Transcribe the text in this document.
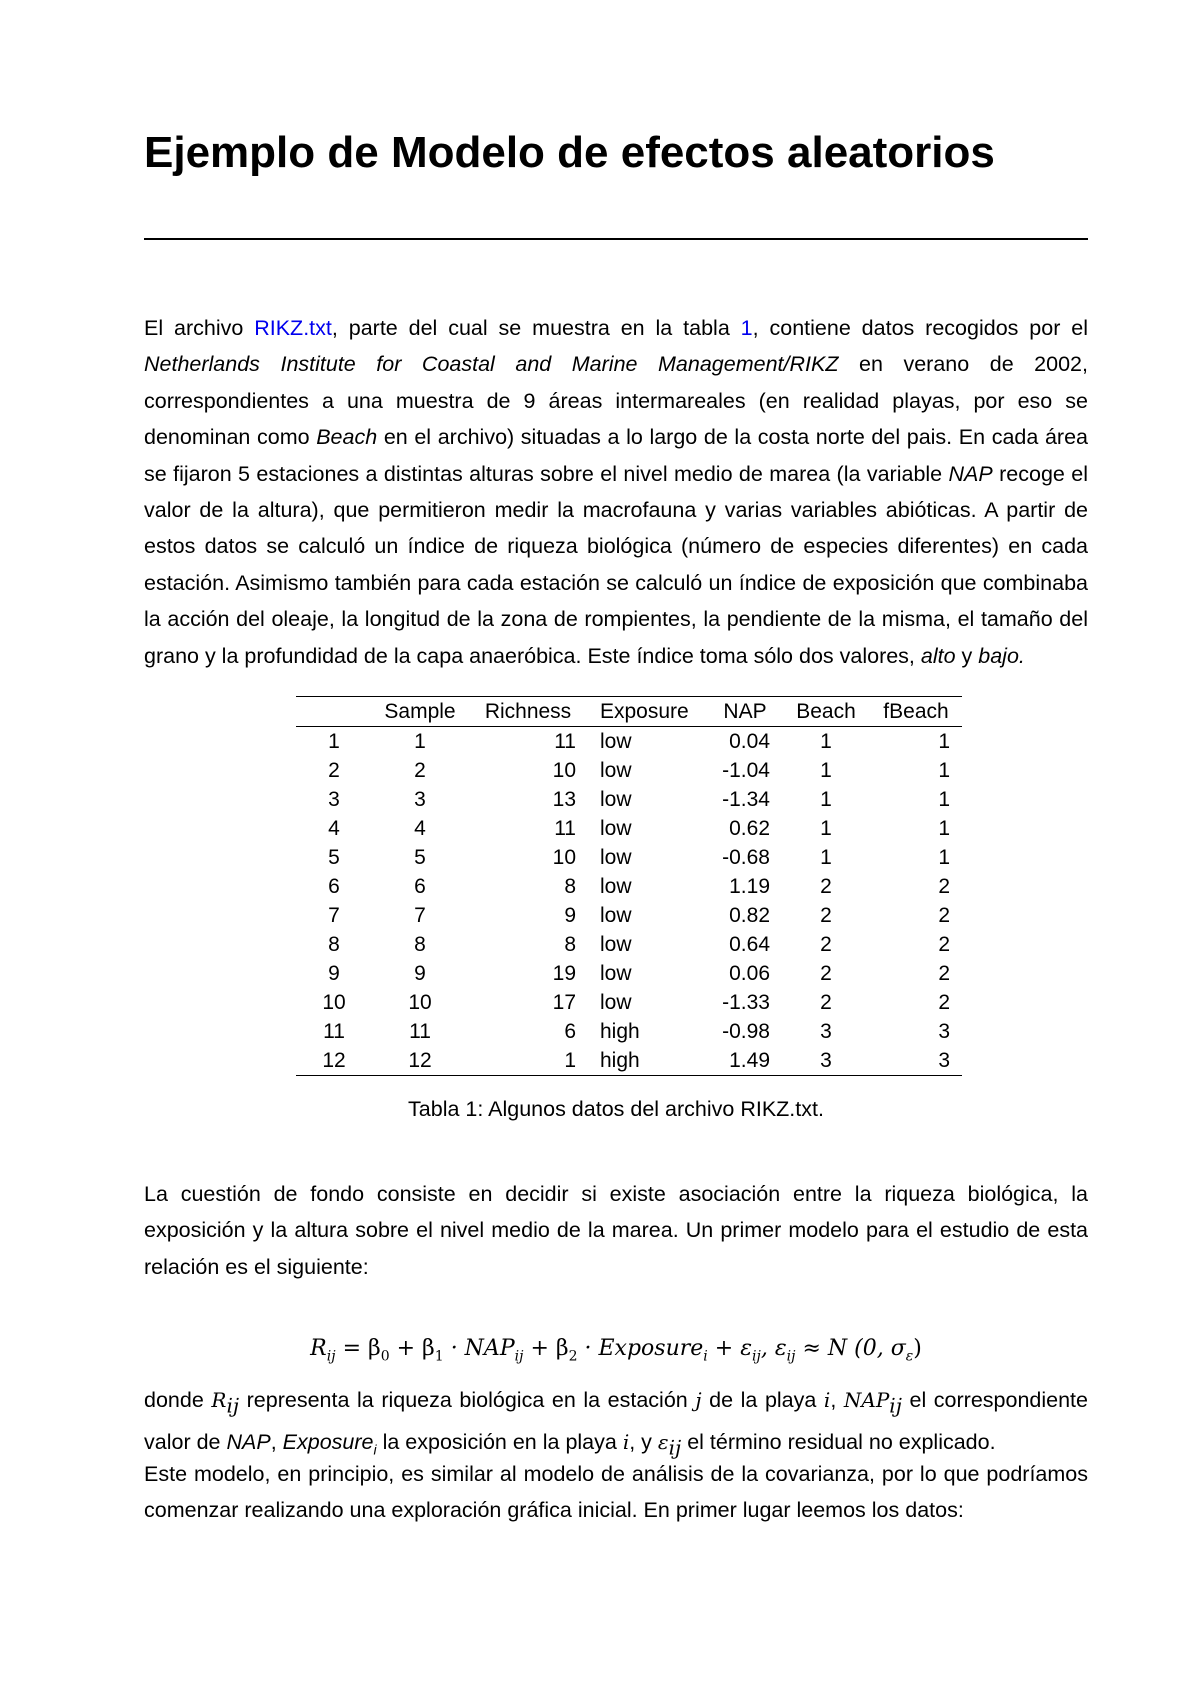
Ejemplo de Modelo de efectos aleatorios

El archivo RIKZ.txt, parte del cual se muestra en la tabla 1, contiene datos recogidos por el Netherlands Institute for Coastal and Marine Management/RIKZ en verano de 2002, correspondientes a una muestra de 9 áreas intermareales (en realidad playas, por eso se denominan como Beach en el archivo) situadas a lo largo de la costa norte del pais. En cada área se fijaron 5 estaciones a distintas alturas sobre el nivel medio de marea (la variable NAP recoge el valor de la altura), que permitieron medir la macrofauna y varias variables abióticas. A partir de estos datos se calculó un índice de riqueza biológica (número de especies diferentes) en cada estación. Asimismo también para cada estación se calculó un índice de exposición que combinaba la acción del oleaje, la longitud de la zona de rompientes, la pendiente de la misma, el tamaño del grano y la profundidad de la capa anaeróbica. Este índice toma sólo dos valores, alto y bajo.

	Sample	Richness	Exposure	NAP	Beach	fBeach
1	1	11	low	0.04	1	1
2	2	10	low	-1.04	1	1
3	3	13	low	-1.34	1	1
4	4	11	low	0.62	1	1
5	5	10	low	-0.68	1	1
6	6	8	low	1.19	2	2
7	7	9	low	0.82	2	2
8	8	8	low	0.64	2	2
9	9	19	low	0.06	2	2
10	10	17	low	-1.33	2	2
11	11	6	high	-0.98	3	3
12	12	1	high	1.49	3	3
Tabla 1: Algunos datos del archivo RIKZ.txt.

La cuestión de fondo consiste en decidir si existe asociación entre la riqueza biológica, la exposición y la altura sobre el nivel medio de la marea. Un primer modelo para el estudio de esta relación es el siguiente:

$R_{ij} = \beta_0 + \beta_1 \cdot NAP_{ij} + \beta_2$ · Exposure$_i$ + $\varepsilon_{ij}$, $\varepsilon_{ij} \approx N$ (0, $\sigma_\varepsilon$)

donde $R_{ij}$ representa la riqueza biológica en la estación j de la playa i, $NAP_{ij}$ el correspondiente valor de NAP, Exposure$_i$ la exposición en la playa i, y $\varepsilon_{ij}$ el término residual no explicado.

Este modelo, en principio, es similar al modelo de análisis de la covarianza, por lo que podríamos comenzar realizando una exploración gráfica inicial. En primer lugar leemos los datos:
